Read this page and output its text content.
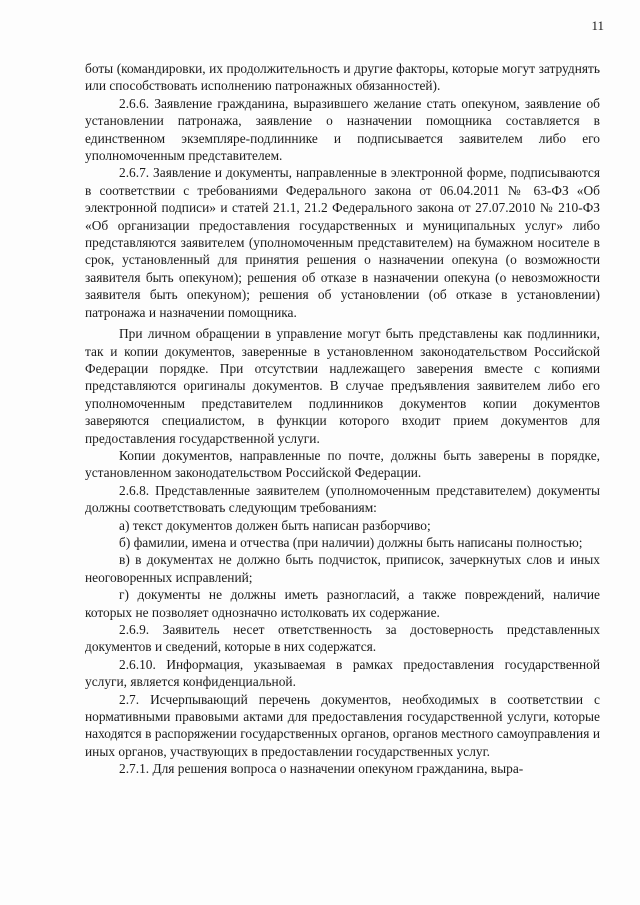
11

боты (командировки, их продолжительность и другие факторы, которые могут затруднять или способствовать исполнению патронажных обязанностей).

2.6.6. Заявление гражданина, выразившего желание стать опекуном, заявление об установлении патронажа, заявление о назначении помощника составляется в единственном экземпляре-подлиннике и подписывается заявителем либо его уполномоченным представителем.

2.6.7. Заявление и документы, направленные в электронной форме, подписываются в соответствии с требованиями Федерального закона от 06.04.2011 № 63-ФЗ «Об электронной подписи» и статей 21.1, 21.2 Федерального закона от 27.07.2010 № 210-ФЗ «Об организации предоставления государственных и муниципальных услуг» либо представляются заявителем (уполномоченным представителем) на бумажном носителе в срок, установленный для принятия решения о назначении опекуна (о возможности заявителя быть опекуном); решения об отказе в назначении опекуна (о невозможности заявителя быть опекуном); решения об установлении (об отказе в установлении) патронажа и назначении помощника.

При личном обращении в управление могут быть представлены как подлинники, так и копии документов, заверенные в установленном законодательством Российской Федерации порядке. При отсутствии надлежащего заверения вместе с копиями представляются оригиналы документов. В случае предъявления заявителем либо его уполномоченным представителем подлинников документов копии документов заверяются специалистом, в функции которого входит прием документов для предоставления государственной услуги.

Копии документов, направленные по почте, должны быть заверены в порядке, установленном законодательством Российской Федерации.

2.6.8. Представленные заявителем (уполномоченным представителем) документы должны соответствовать следующим требованиям:

а) текст документов должен быть написан разборчиво;

б) фамилии, имена и отчества (при наличии) должны быть написаны полностью;

в) в документах не должно быть подчисток, приписок, зачеркнутых слов и иных неоговоренных исправлений;

г) документы не должны иметь разногласий, а также повреждений, наличие которых не позволяет однозначно истолковать их содержание.

2.6.9. Заявитель несет ответственность за достоверность представленных документов и сведений, которые в них содержатся.

2.6.10. Информация, указываемая в рамках предоставления государственной услуги, является конфиденциальной.

2.7. Исчерпывающий перечень документов, необходимых в соответствии с нормативными правовыми актами для предоставления государственной услуги, которые находятся в распоряжении государственных органов, органов местного самоуправления и иных органов, участвующих в предоставлении государственных услуг.

2.7.1. Для решения вопроса о назначении опекуном гражданина, выра-
